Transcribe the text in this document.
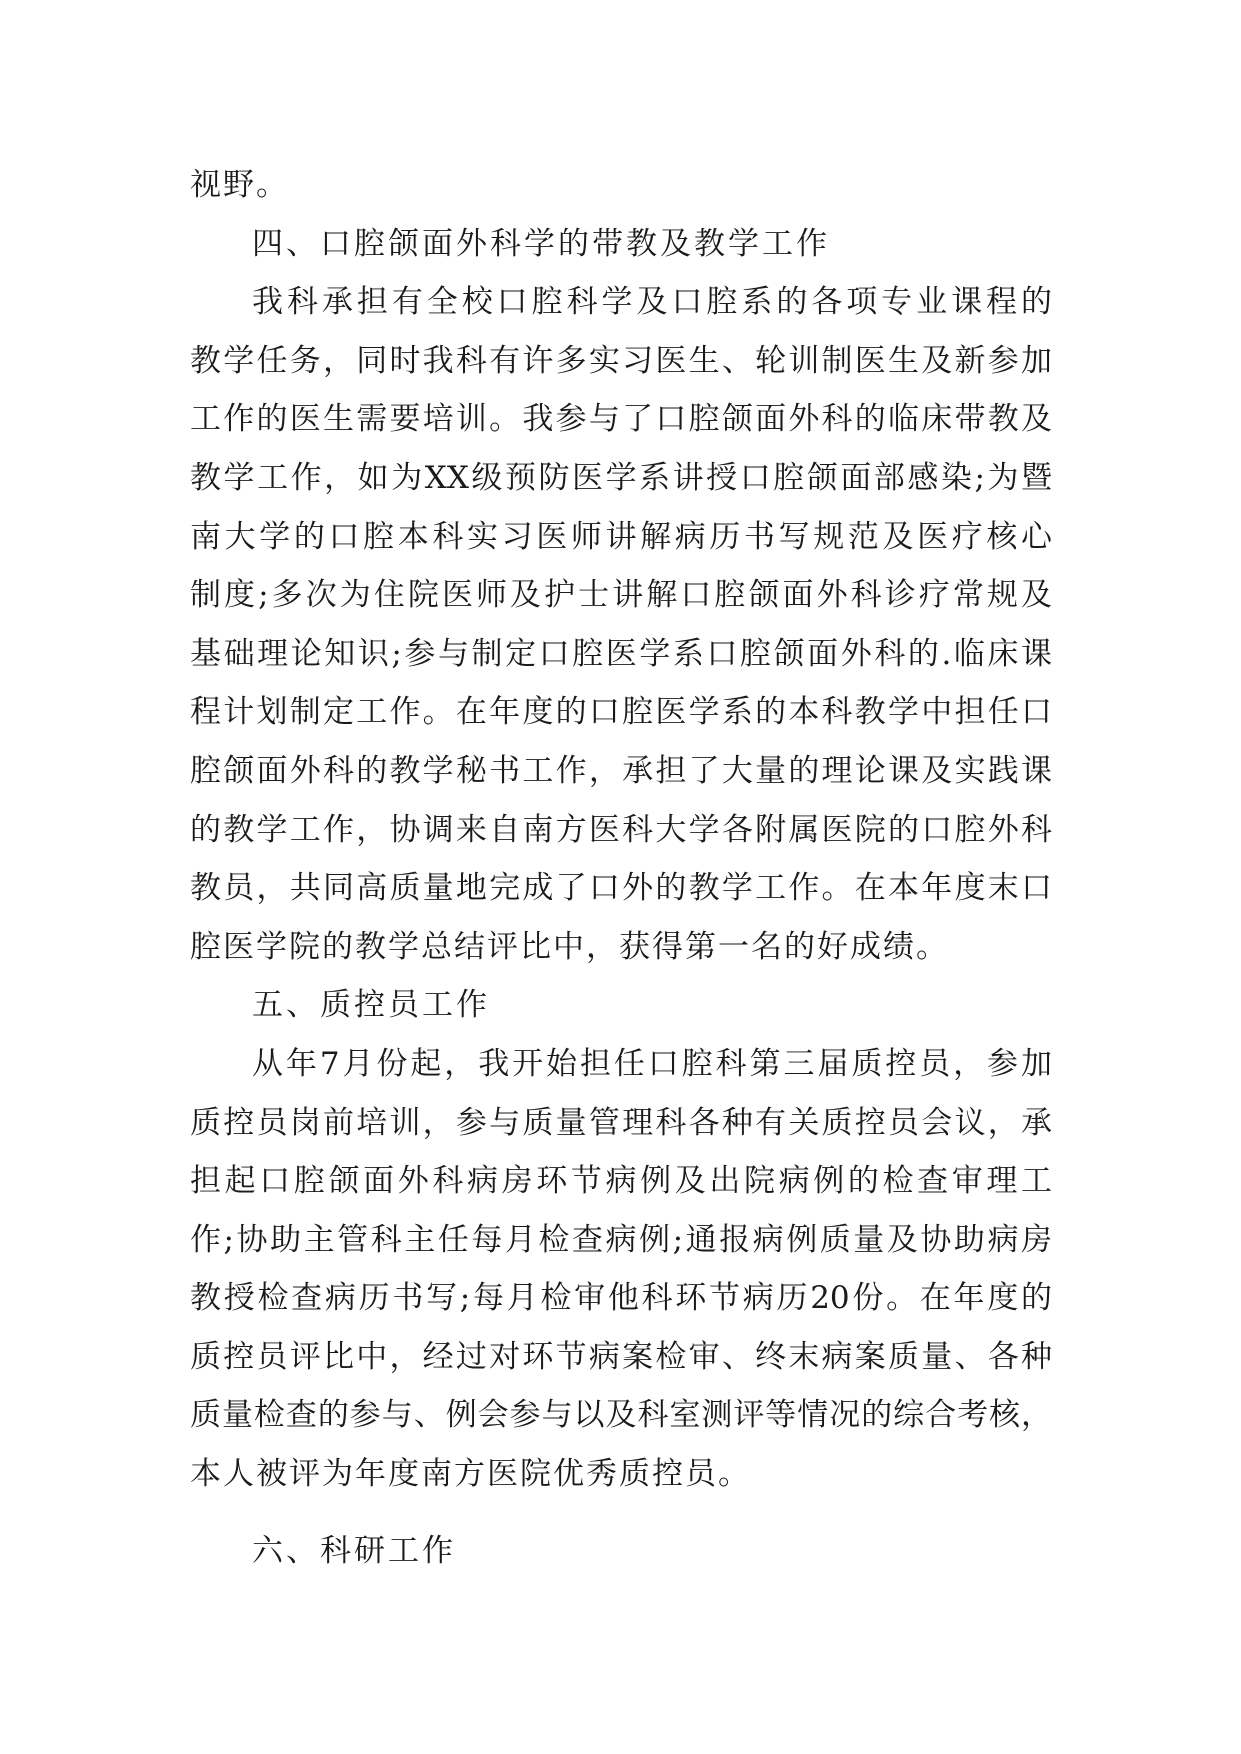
视野。
四、口腔颌面外科学的带教及教学工作
我科承担有全校口腔科学及口腔系的各项专业课程的
教学任务，同时我科有许多实习医生、轮训制医生及新参加
工作的医生需要培训。我参与了口腔颌面外科的临床带教及
教学工作，如为XX级预防医学系讲授口腔颌面部感染;为暨
南大学的口腔本科实习医师讲解病历书写规范及医疗核心
制度;多次为住院医师及护士讲解口腔颌面外科诊疗常规及
基础理论知识;参与制定口腔医学系口腔颌面外科的.临床课
程计划制定工作。在年度的口腔医学系的本科教学中担任口
腔颌面外科的教学秘书工作，承担了大量的理论课及实践课
的教学工作，协调来自南方医科大学各附属医院的口腔外科
教员，共同高质量地完成了口外的教学工作。在本年度末口
腔医学院的教学总结评比中，获得第一名的好成绩。
五、质控员工作
从年7月份起，我开始担任口腔科第三届质控员，参加
质控员岗前培训，参与质量管理科各种有关质控员会议，承
担起口腔颌面外科病房环节病例及出院病例的检查审理工
作;协助主管科主任每月检查病例;通报病例质量及协助病房
教授检查病历书写;每月检审他科环节病历20份。在年度的
质控员评比中，经过对环节病案检审、终末病案质量、各种
质量检查的参与、例会参与以及科室测评等情况的综合考核，
本人被评为年度南方医院优秀质控员。
六、科研工作
